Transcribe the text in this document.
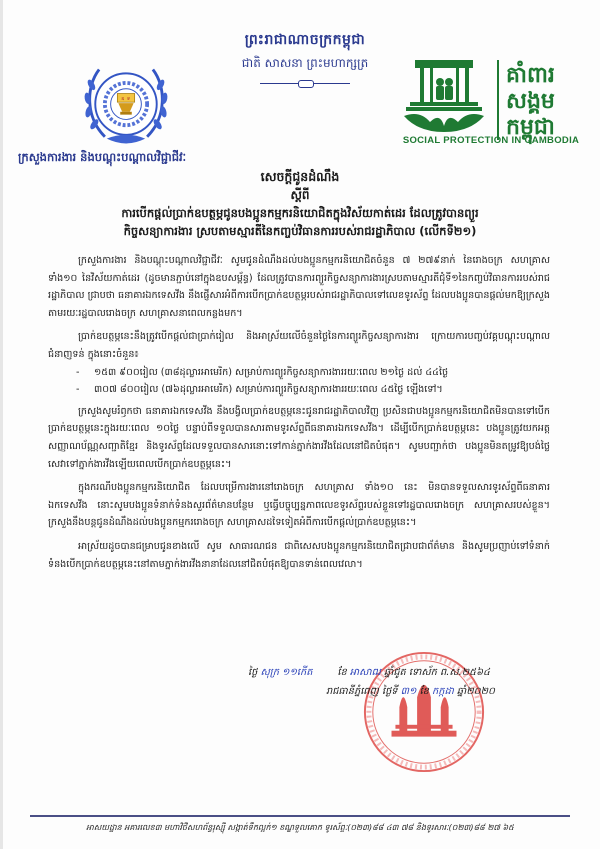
ឧ ទ
ព្រះរាជាណាចក្រកម្ពុជា
ជាតិ សាសនា ព្រះមហាក្សត្រ	គាំពារ
សង្គម
កម្ពុជា
SOCIAL PROTECTION IN CAMBODIA
ក្រសួងការងារ និងបណ្តុះបណ្តាលវិជ្ជាជីវៈ
សេចក្តីជូនដំណឹង
ស្តីពី
ការបើកផ្តល់ប្រាក់ឧបត្ថម្ភជូនបងប្អូនកម្មករនិយោជិតក្នុងវិស័យកាត់ដេរ ដែលត្រូវបានព្យួរ
កិច្ចសន្យាការងារ ស្របតាមស្មារតីនៃកញ្ចប់វិធានការរបស់រាជរដ្ឋាភិបាល (លើកទី២១)

ក្រសួងការងារ និងបណ្តុះបណ្តាលវិជ្ជាជីវៈ សូមជូនដំណឹងដល់បងប្អូនកម្មករនិយោជិតចំនួន ៧ ២៧៩នាក់ នៃរោងចក្រ សហគ្រាស ទាំង១០ នៃវិស័យកាត់ដេរ (ដូចមានភ្ជាប់នៅក្នុងឧបសម្ព័ន្ធ) ដែលត្រូវបានការព្យួរកិច្ចសន្យាការងារស្របតាមស្មារតីជុំទី១នៃកញ្ចប់វិធានការរបស់រាជរដ្ឋាភិបាល ជ្រាបថា ធនាគារឯកទេសវីង នឹងផ្ញើសារអំពីការបើកប្រាក់ឧបត្ថម្ភរបស់រាជរដ្ឋាភិបាលទៅលេខទូរស័ព្ទ ដែលបងប្អូនបានផ្តល់មកឱ្យក្រសួងតាមរយៈរដ្ឋបាលរោងចក្រ សហគ្រាសនាពេលកន្លងមក។

ប្រាក់ឧបត្ថម្ភនេះនឹងត្រូវបើកផ្តល់ជាប្រាក់រៀល និងអាស្រ័យលើចំនួនថ្ងៃនៃការព្យួរកិច្ចសន្យាការងារ ក្រោយការបញ្ចប់វគ្គបណ្តុះបណ្តាលជំនាញទន់ ក្នុងនោះចំនួន៖

- ១៥៣ ៩០០រៀល (៣៨ដុល្លារអាមេរិក) សម្រាប់ការព្យួរកិច្ចសន្យាការងាររយៈពេល ២១ថ្ងៃ ដល់ ៤៤ថ្ងៃ
- ៣០៧ ៨០០រៀល (៧៦ដុល្លារអាមេរិក) សម្រាប់ការព្យួរកិច្ចសន្យាការងាររយៈពេល ៤៥ថ្ងៃ ឡើងទៅ។

ក្រសួងសូមរំឭកថា ធនាគារឯកទេសវីង នឹងបង្វិលប្រាក់ឧបត្ថម្ភនេះជូនរាជរដ្ឋាភិបាលវិញ ប្រសិនជាបងប្អូនកម្មករនិយោជិតមិនបានទៅបើកប្រាក់ឧបត្ថម្ភនេះក្នុងរយៈពេល ១០ថ្ងៃ បន្ទាប់ពីទទួលបានសារតាមទូរស័ព្ទពីធនាគារឯកទេសវីង។ ដើម្បីបើកប្រាក់ឧបត្ថម្ភនេះ បងប្អូនត្រូវយកអត្តសញ្ញាណប័ណ្ណសញ្ជាតិខ្មែរ និងទូរស័ព្ទដែលទទួលបានសារនោះទៅកាន់ភ្នាក់ងារវីងដែលនៅជិតបំផុត។ សូមបញ្ជាក់ថា បងប្អូនមិនតម្រូវឱ្យបង់ថ្លៃសេវាទៅភ្នាក់ងារវីងឡើយពេលបើកប្រាក់ឧបត្ថម្ភនេះ។

ក្នុងករណីបងប្អូនកម្មករនិយោជិត ដែលបម្រើការងារនៅរោងចក្រ សហគ្រាស ទាំង១០ នេះ មិនបានទទួលសារទូរស័ព្ទពីធនាគារឯកទេសវីង នោះសូមបងប្អូនទំនាក់ទំនងសួរព័ត៌មានបន្ថែម ឬធ្វើបច្ចុប្បន្នភាពលេខទូរស័ព្ទរបស់ខ្លួនទៅរដ្ឋបាលរោងចក្រ សហគ្រាសរបស់ខ្លួន។ ក្រសួងនឹងបន្តជូនដំណឹងដល់បងប្អូនកម្មកររោងចក្រ សហគ្រាសដទៃទៀតអំពីការបើកផ្តល់ប្រាក់ឧបត្ថម្ភនេះ។

អាស្រ័យដូចបានជម្រាបជូនខាងលើ សូម សាធារណជន ជាពិសេសបងប្អូនកម្មករនិយោជិតជ្រាបជាព័ត៌មាន និងសូមប្រញាប់ទៅទំនាក់ទំនងបើកប្រាក់ឧបត្ថម្ភនេះនៅតាមភ្នាក់ងារវីងនានាដែលនៅជិតបំផុតឱ្យបានទាន់ពេលវេលា។

ថ្ងៃ សុក្រ ១១កើត	ខែ អាសាឍ ឆ្នាំជូត ទោស័ក ព.ស.២៥៦៤
រាជធានីភ្នំពេញ ថ្ងៃទី ៣១ ខែ កក្កដា ឆ្នាំ២០២០
អាសយដ្ឋាន អគារលេខ៣ មហាវិថីសហព័ន្ធរុស្ស៊ី សង្កាត់ទឹកល្អក់១ ខណ្ឌទួលគោក ទូរស័ព្ទៈ(០២៣)៨៨ ៤៣ ៧៨ និងទូរសារៈ(០២៣)៨៨ ២៧ ៦៥
